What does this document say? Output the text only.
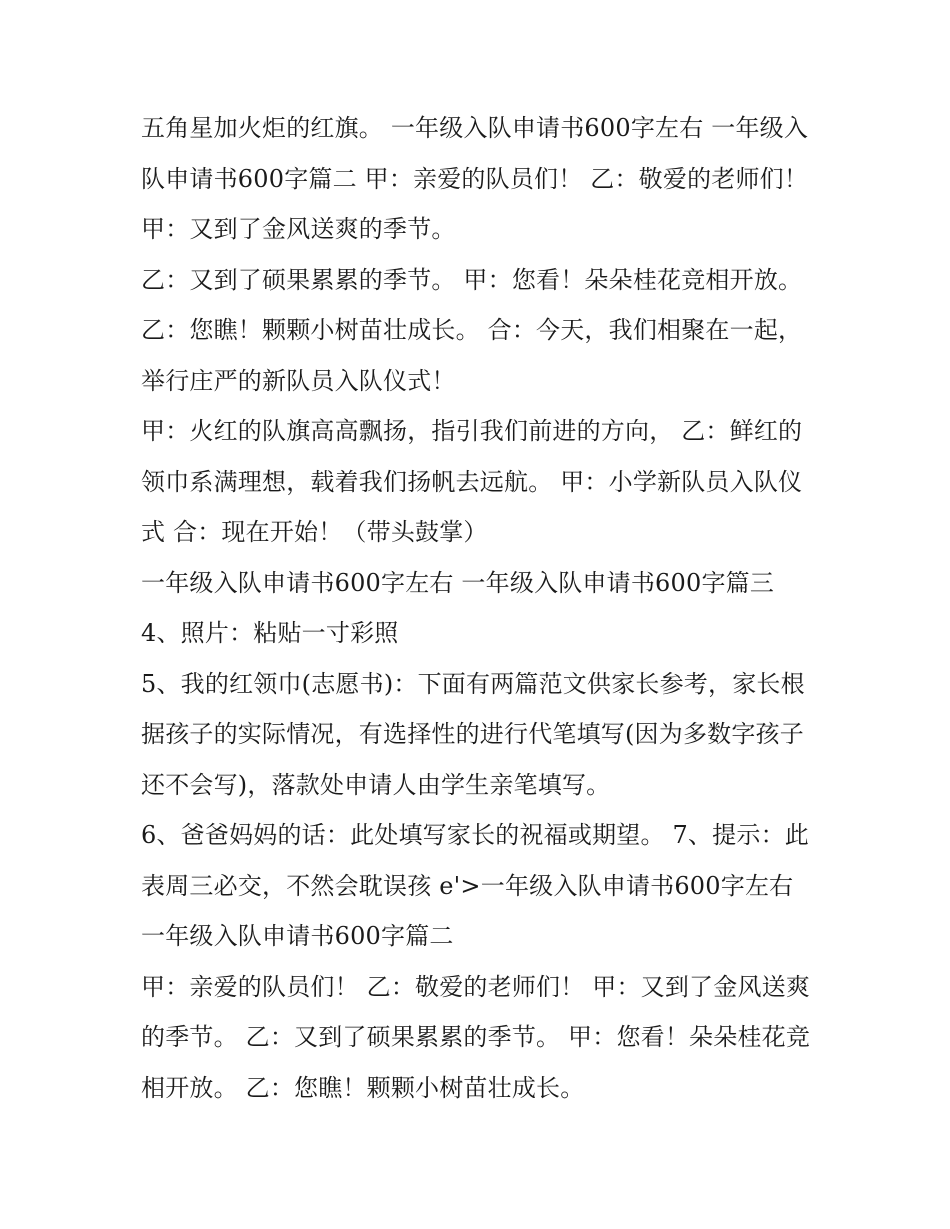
五角星加火炬的红旗。 一年级入队申请书600字左右 一年级入队申请书600字篇二 甲：亲爱的队员们！ 乙：敬爱的老师们！ 甲：又到了金风送爽的季节。

乙：又到了硕果累累的季节。 甲：您看！朵朵桂花竞相开放。 乙：您瞧！颗颗小树苗壮成长。 合：今天，我们相聚在一起，举行庄严的新队员入队仪式！

甲：火红的队旗高高飘扬，指引我们前进的方向， 乙：鲜红的领巾系满理想，载着我们扬帆去远航。 甲：小学新队员入队仪式 合：现在开始！（带头鼓掌）

一年级入队申请书600字左右 一年级入队申请书600字篇三

4、照片：粘贴一寸彩照

5、我的红领巾(志愿书)：下面有两篇范文供家长参考，家长根据孩子的实际情况，有选择性的进行代笔填写(因为多数字孩子还不会写)，落款处申请人由学生亲笔填写。

6、爸爸妈妈的话：此处填写家长的祝福或期望。 7、提示：此表周三必交，不然会耽误孩 e'>一年级入队申请书600字左右 一年级入队申请书600字篇二

甲：亲爱的队员们！ 乙：敬爱的老师们！ 甲：又到了金风送爽的季节。 乙：又到了硕果累累的季节。 甲：您看！朵朵桂花竞相开放。 乙：您瞧！颗颗小树苗壮成长。
